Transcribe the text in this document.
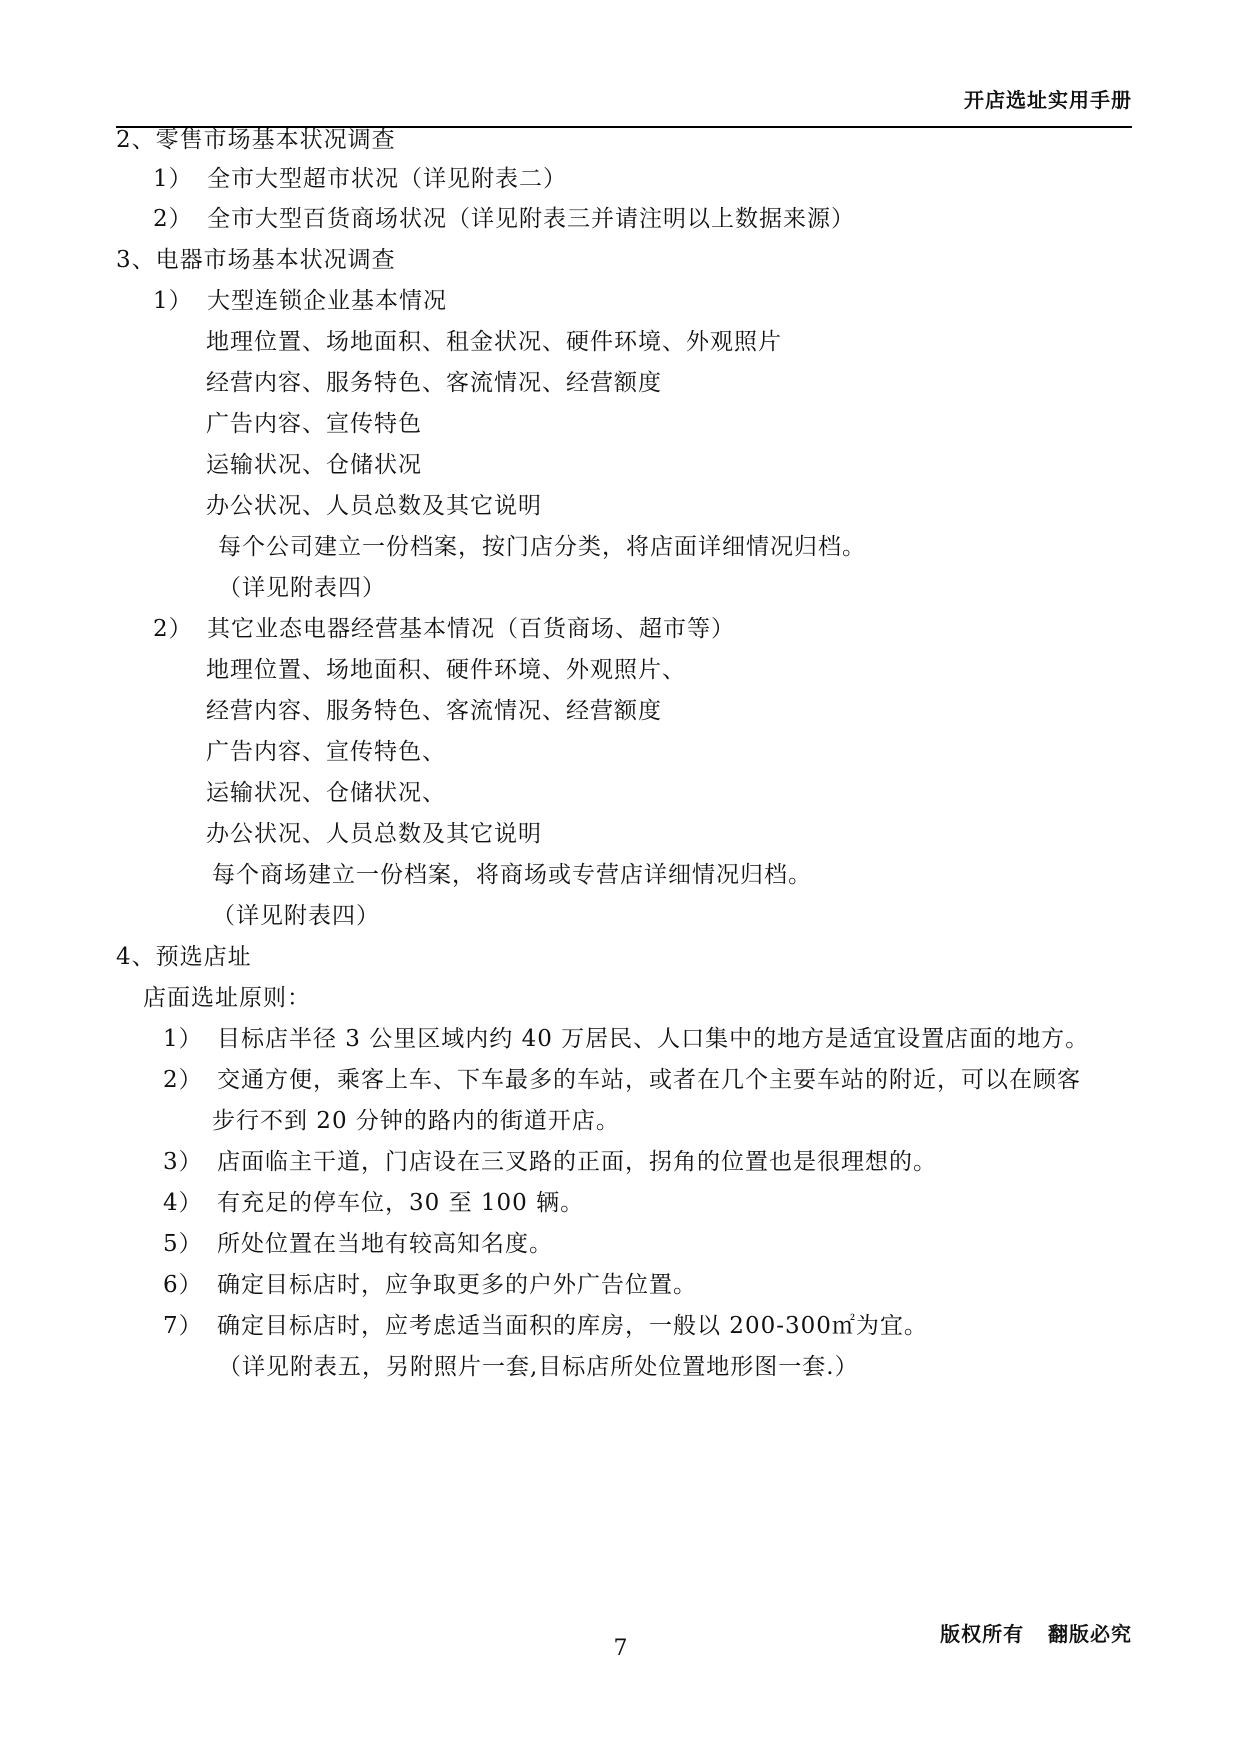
开店选址实用手册
2、零售市场基本状况调查
1） 全市大型超市状况（详见附表二）
2） 全市大型百货商场状况（详见附表三并请注明以上数据来源）
3、电器市场基本状况调查
1） 大型连锁企业基本情况
地理位置、场地面积、租金状况、硬件环境、外观照片
经营内容、服务特色、客流情况、经营额度
广告内容、宣传特色
运输状况、仓储状况
办公状况、人员总数及其它说明
每个公司建立一份档案，按门店分类，将店面详细情况归档。
（详见附表四）
2） 其它业态电器经营基本情况（百货商场、超市等）
地理位置、场地面积、硬件环境、外观照片、
经营内容、服务特色、客流情况、经营额度
广告内容、宣传特色、
运输状况、仓储状况、
办公状况、人员总数及其它说明
每个商场建立一份档案，将商场或专营店详细情况归档。
（详见附表四）
4、预选店址
店面选址原则：
1） 目标店半径 3 公里区域内约 40 万居民、人口集中的地方是适宜设置店面的地方。
2） 交通方便，乘客上车、下车最多的车站，或者在几个主要车站的附近，可以在顾客
步行不到 20 分钟的路内的街道开店。
3） 店面临主干道，门店设在三叉路的正面，拐角的位置也是很理想的。
4） 有充足的停车位，30 至 100 辆。
5） 所处位置在当地有较高知名度。
6） 确定目标店时，应争取更多的户外广告位置。
7） 确定目标店时，应考虑适当面积的库房，一般以 200-300㎡为宜。
（详见附表五，另附照片一套,目标店所处位置地形图一套.）
版权所有   翻版必究
7
